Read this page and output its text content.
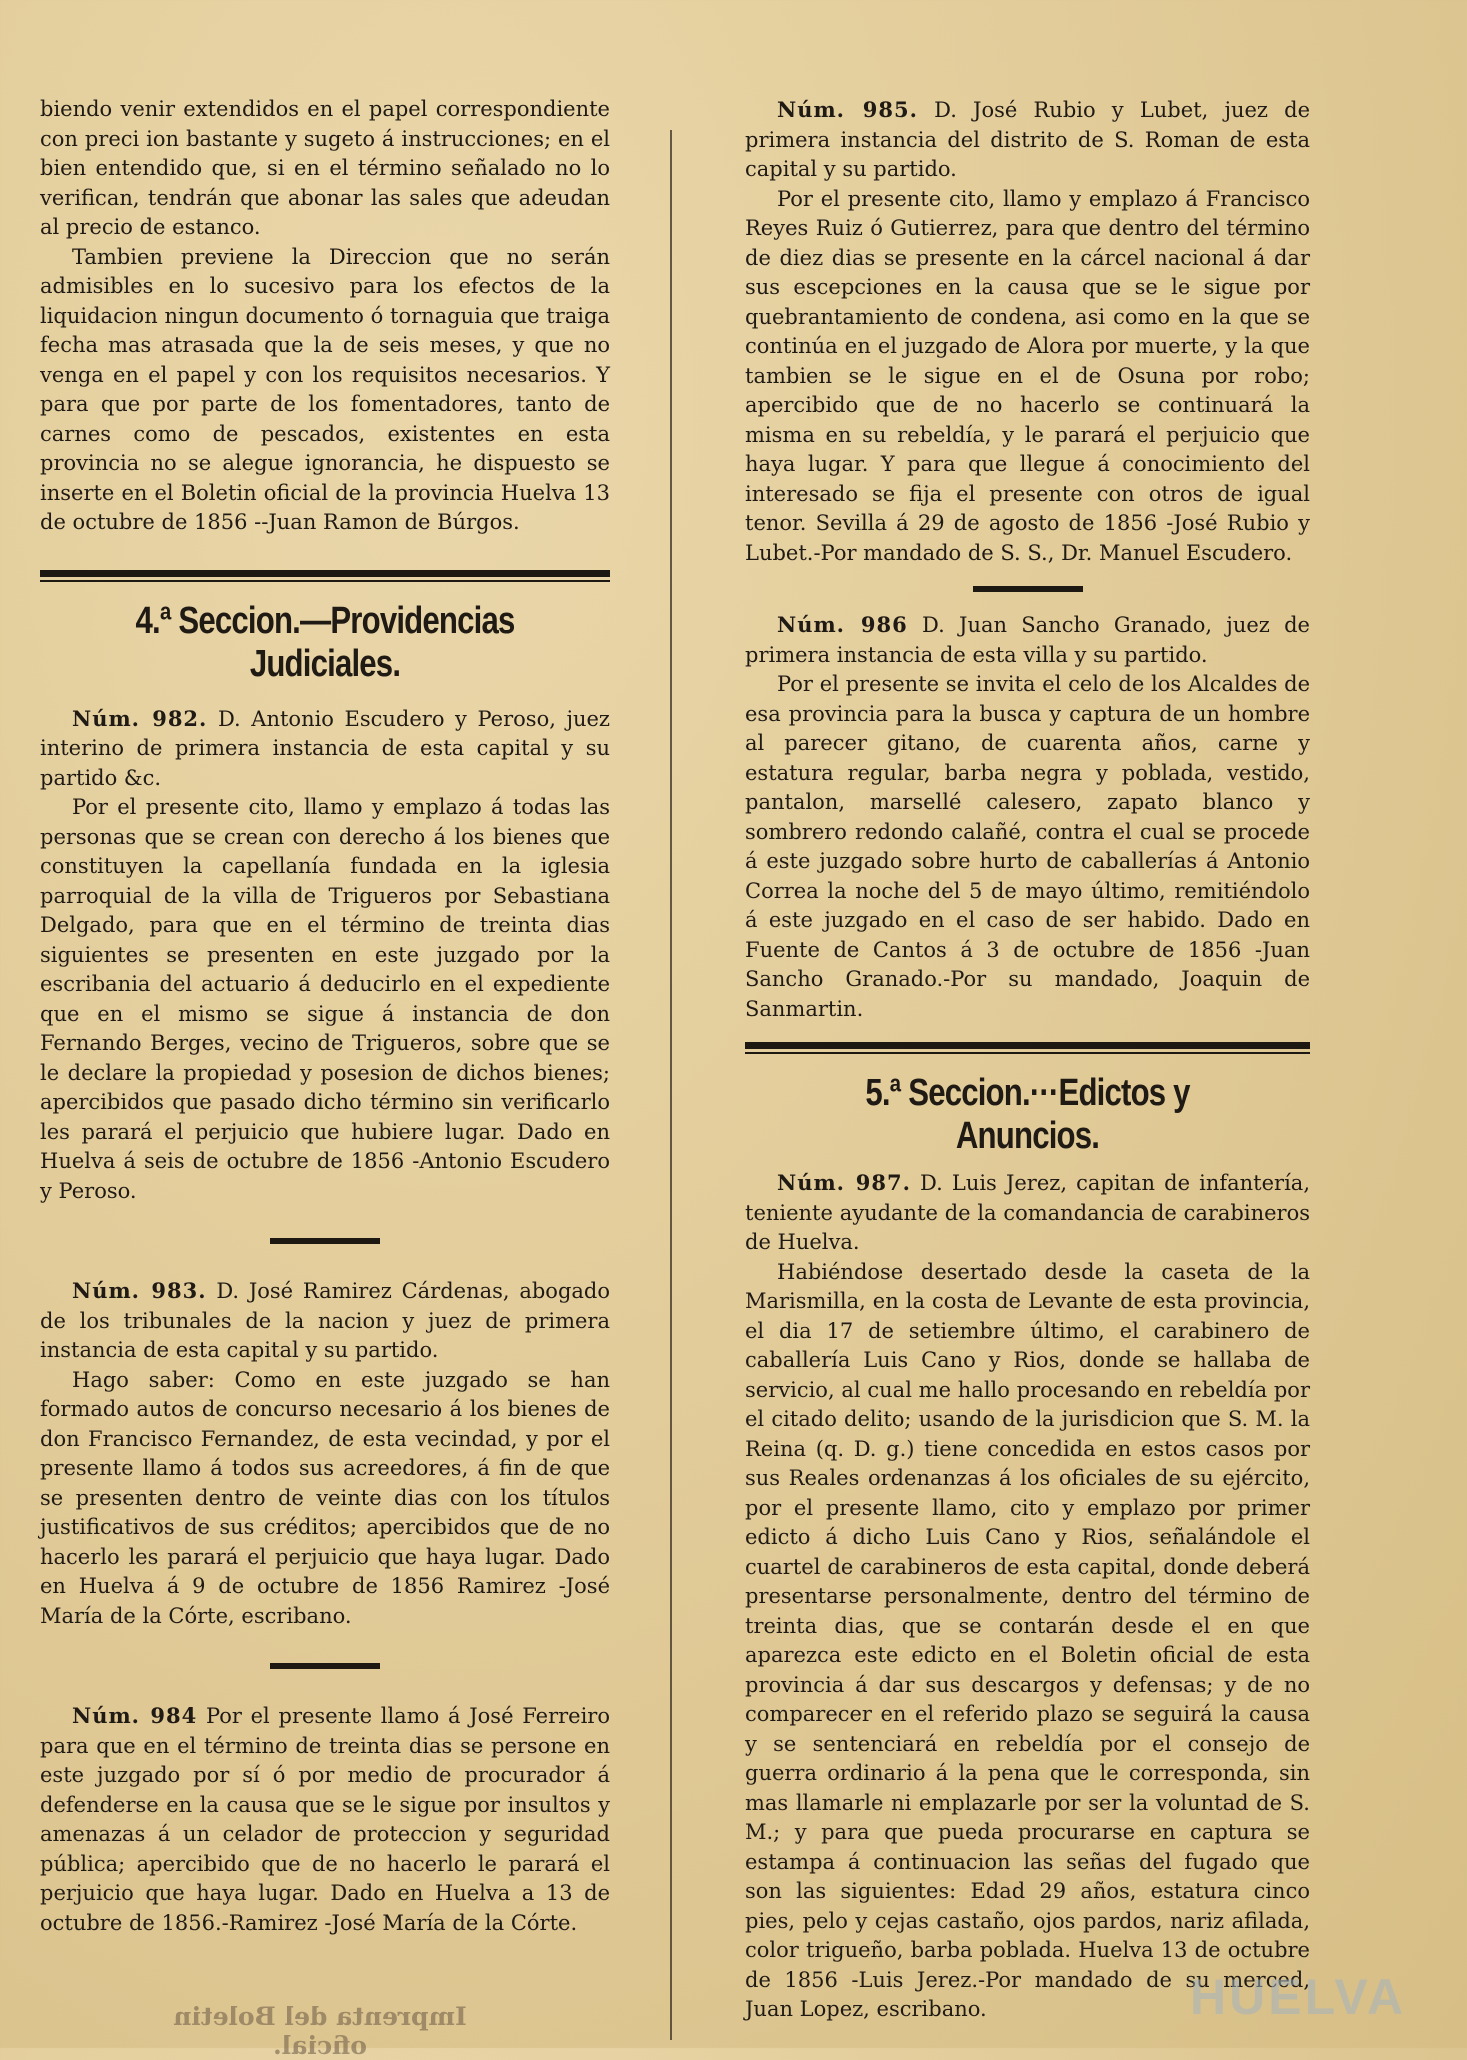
biendo venir extendidos en el papel correspondiente con preci ion bastante y sugeto á instrucciones; en el bien entendido que, si en el término señalado no lo verifican, tendrán que abonar las sales que adeudan al precio de estanco.

Tambien previene la Direccion que no serán admisibles en lo sucesivo para los efectos de la liquidacion ningun documento ó tornaguia que traiga fecha mas atrasada que la de seis meses, y que no venga en el papel y con los requisitos necesarios. Y para que por parte de los fomentadores, tanto de carnes como de pescados, existentes en esta provincia no se alegue ignorancia, he dispuesto se inserte en el Boletin oficial de la provincia Huelva 13 de octubre de 1856 --Juan Ramon de Búrgos.

4.ª Seccion.—Providencias Judiciales.

Núm. 982. D. Antonio Escudero y Peroso, juez interino de primera instancia de esta capital y su partido &c.

Por el presente cito, llamo y emplazo á todas las personas que se crean con derecho á los bienes que constituyen la capellanía fundada en la iglesia parroquial de la villa de Trigueros por Sebastiana Delgado, para que en el término de treinta dias siguientes se presenten en este juzgado por la escribania del actuario á deducirlo en el expediente que en el mismo se sigue á instancia de don Fernando Berges, vecino de Trigueros, sobre que se le declare la propiedad y posesion de dichos bienes; apercibidos que pasado dicho término sin verificarlo les parará el perjuicio que hubiere lugar. Dado en Huelva á seis de octubre de 1856 -Antonio Escudero y Peroso.

Núm. 983. D. José Ramirez Cárdenas, abogado de los tribunales de la nacion y juez de primera instancia de esta capital y su partido.

Hago saber: Como en este juzgado se han formado autos de concurso necesario á los bienes de don Francisco Fernandez, de esta vecindad, y por el presente llamo á todos sus acreedores, á fin de que se presenten dentro de veinte dias con los títulos justificativos de sus créditos; apercibidos que de no hacerlo les parará el perjuicio que haya lugar. Dado en Huelva á 9 de octubre de 1856 Ramirez -José María de la Córte, escribano.

Núm. 984 Por el presente llamo á José Ferreiro para que en el término de treinta dias se persone en este juzgado por sí ó por medio de procurador á defenderse en la causa que se le sigue por insultos y amenazas á un celador de proteccion y seguridad pública; apercibido que de no hacerlo le parará el perjuicio que haya lugar. Dado en Huelva a 13 de octubre de 1856.-Ramirez -José María de la Córte.

Imprenta del Boletin oficial.

Núm. 985. D. José Rubio y Lubet, juez de primera instancia del distrito de S. Roman de esta capital y su partido.

Por el presente cito, llamo y emplazo á Francisco Reyes Ruiz ó Gutierrez, para que dentro del término de diez dias se presente en la cárcel nacional á dar sus escepciones en la causa que se le sigue por quebrantamiento de condena, asi como en la que se continúa en el juzgado de Alora por muerte, y la que tambien se le sigue en el de Osuna por robo; apercibido que de no hacerlo se continuará la misma en su rebeldía, y le parará el perjuicio que haya lugar. Y para que llegue á conocimiento del interesado se fija el presente con otros de igual tenor. Sevilla á 29 de agosto de 1856 -José Rubio y Lubet.-Por mandado de S. S., Dr. Manuel Escudero.

Núm. 986 D. Juan Sancho Granado, juez de primera instancia de esta villa y su partido.

Por el presente se invita el celo de los Alcaldes de esa provincia para la busca y captura de un hombre al parecer gitano, de cuarenta años, carne y estatura regular, barba negra y poblada, vestido, pantalon, marsellé calesero, zapato blanco y sombrero redondo calañé, contra el cual se procede á este juzgado sobre hurto de caballerías á Antonio Correa la noche del 5 de mayo último, remitiéndolo á este juzgado en el caso de ser habido. Dado en Fuente de Cantos á 3 de octubre de 1856 -Juan Sancho Granado.-Por su mandado, Joaquin de Sanmartin.

5.ª Seccion.···Edictos y Anuncios.

Núm. 987. D. Luis Jerez, capitan de infantería, teniente ayudante de la comandancia de carabineros de Huelva.

Habiéndose desertado desde la caseta de la Marismilla, en la costa de Levante de esta provincia, el dia 17 de setiembre último, el carabinero de caballería Luis Cano y Rios, donde se hallaba de servicio, al cual me hallo procesando en rebeldía por el citado delito; usando de la jurisdicion que S. M. la Reina (q. D. g.) tiene concedida en estos casos por sus Reales ordenanzas á los oficiales de su ejército, por el presente llamo, cito y emplazo por primer edicto á dicho Luis Cano y Rios, señalándole el cuartel de carabineros de esta capital, donde deberá presentarse personalmente, dentro del término de treinta dias, que se contarán desde el en que aparezca este edicto en el Boletin oficial de esta provincia á dar sus descargos y defensas; y de no comparecer en el referido plazo se seguirá la causa y se sentenciará en rebeldía por el consejo de guerra ordinario á la pena que le corresponda, sin mas llamarle ni emplazarle por ser la voluntad de S. M.; y para que pueda procurarse en captura se estampa á continuacion las señas del fugado que son las siguientes: Edad 29 años, estatura cinco pies, pelo y cejas castaño, ojos pardos, nariz afilada, color trigueño, barba poblada. Huelva 13 de octubre de 1856 -Luis Jerez.-Por mandado de su merced, Juan Lopez, escribano.	HUELVA
